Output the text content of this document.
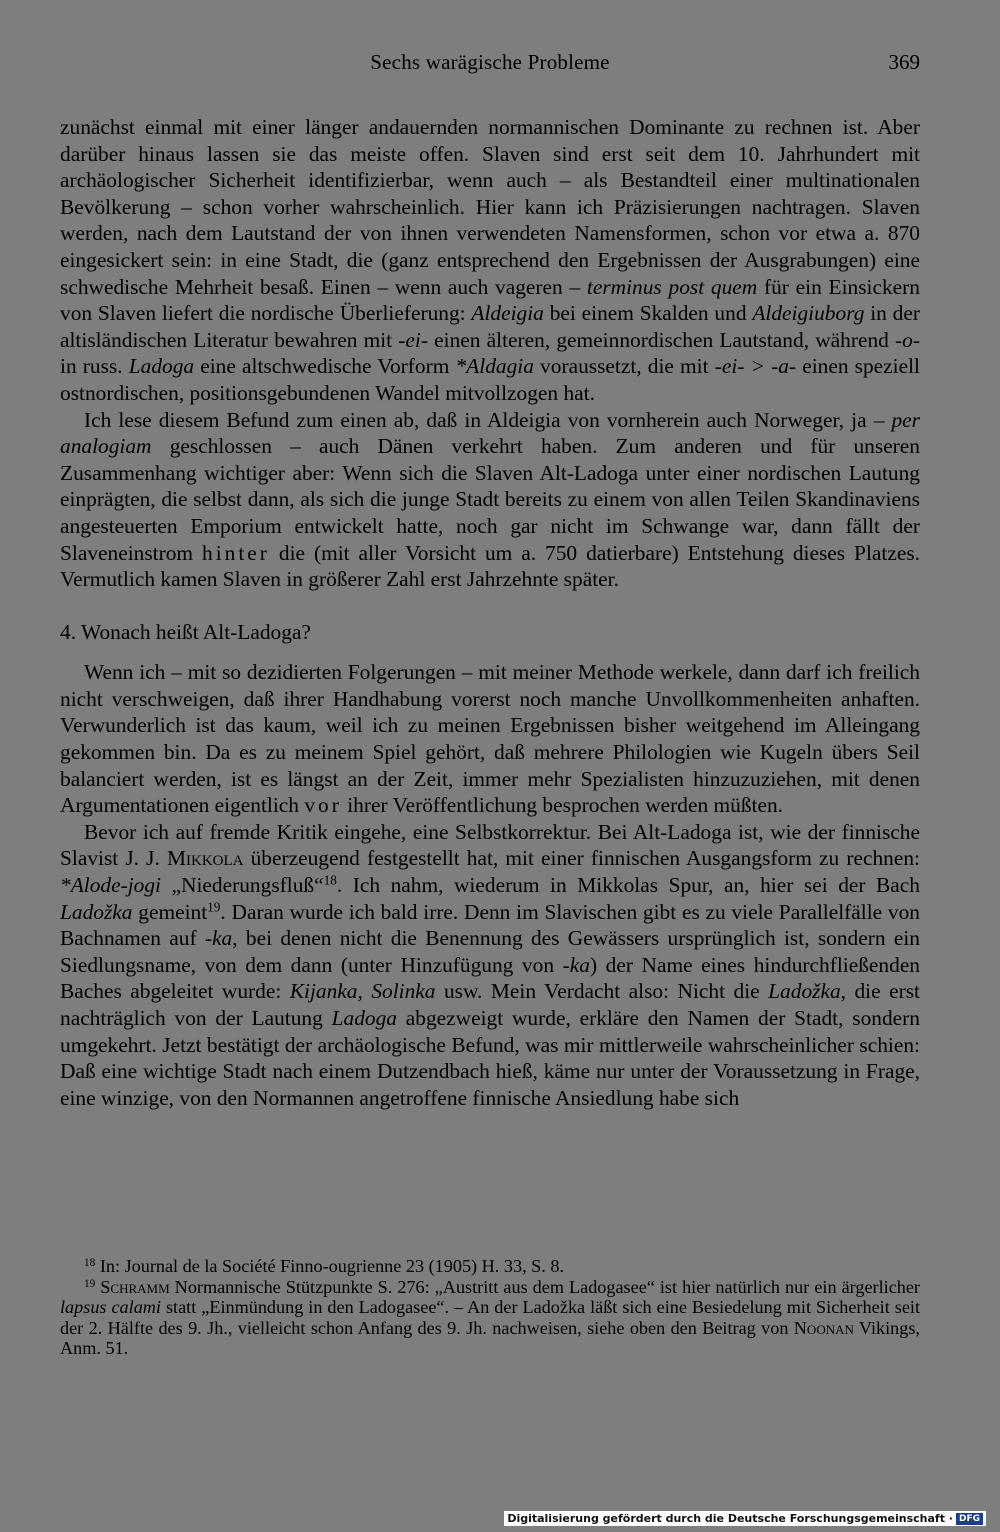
Sechs warägische Probleme	369

zunächst einmal mit einer länger andauernden normannischen Dominante zu rechnen ist. Aber darüber hinaus lassen sie das meiste offen. Slaven sind erst seit dem 10. Jahrhundert mit archäologischer Sicherheit identifizierbar, wenn auch – als Bestandteil einer multinationalen Bevölkerung – schon vorher wahrscheinlich. Hier kann ich Präzisierungen nachtragen. Slaven werden, nach dem Lautstand der von ihnen verwendeten Namensformen, schon vor etwa a. 870 eingesickert sein: in eine Stadt, die (ganz entsprechend den Ergebnissen der Ausgrabungen) eine schwedische Mehrheit besaß. Einen – wenn auch vageren – terminus post quem für ein Einsickern von Slaven liefert die nordische Überlieferung: Aldeigia bei einem Skalden und Aldeigiuborg in der altisländischen Literatur bewahren mit -ei- einen älteren, gemeinnordischen Lautstand, während -o- in russ. Ladoga eine altschwedische Vorform *Aldagia voraussetzt, die mit -ei- > -a- einen speziell ostnordischen, positionsgebundenen Wandel mitvollzogen hat.

Ich lese diesem Befund zum einen ab, daß in Aldeigia von vornherein auch Norweger, ja – per analogiam geschlossen – auch Dänen verkehrt haben. Zum anderen und für unseren Zusammenhang wichtiger aber: Wenn sich die Slaven Alt-Ladoga unter einer nordischen Lautung einprägten, die selbst dann, als sich die junge Stadt bereits zu einem von allen Teilen Skandinaviens angesteuerten Emporium entwickelt hatte, noch gar nicht im Schwange war, dann fällt der Slaveneinstrom hinter die (mit aller Vorsicht um a. 750 datierbare) Entstehung dieses Platzes. Vermutlich kamen Slaven in größerer Zahl erst Jahrzehnte später.

4. Wonach heißt Alt-Ladoga?

Wenn ich – mit so dezidierten Folgerungen – mit meiner Methode werkele, dann darf ich freilich nicht verschweigen, daß ihrer Handhabung vorerst noch manche Unvollkommenheiten anhaften. Verwunderlich ist das kaum, weil ich zu meinen Ergebnissen bisher weitgehend im Alleingang gekommen bin. Da es zu meinem Spiel gehört, daß mehrere Philologien wie Kugeln übers Seil balanciert werden, ist es längst an der Zeit, immer mehr Spezialisten hinzuzuziehen, mit denen Argumentationen eigentlich vor ihrer Veröffentlichung besprochen werden müßten.

Bevor ich auf fremde Kritik eingehe, eine Selbstkorrektur. Bei Alt-Ladoga ist, wie der finnische Slavist J. J. Mikkola überzeugend festgestellt hat, mit einer finnischen Ausgangsform zu rechnen: *Alode-jogi „Niederungsfluß“$^{18}$. Ich nahm, wiederum in Mikkolas Spur, an, hier sei der Bach Ladožka gemeint$^{19}$. Daran wurde ich bald irre. Denn im Slavischen gibt es zu viele Parallelfälle von Bachnamen auf -ka, bei denen nicht die Benennung des Gewässers ursprünglich ist, sondern ein Siedlungsname, von dem dann (unter Hinzufügung von -ka) der Name eines hindurchfließenden Baches abgeleitet wurde: Kijanka, Solinka usw. Mein Verdacht also: Nicht die Ladožka, die erst nachträglich von der Lautung Ladoga abgezweigt wurde, erkläre den Namen der Stadt, sondern umgekehrt. Jetzt bestätigt der archäologische Befund, was mir mittlerweile wahrscheinlicher schien: Daß eine wichtige Stadt nach einem Dutzendbach hieß, käme nur unter der Voraussetzung in Frage, eine winzige, von den Normannen angetroffene finnische Ansiedlung habe sich

$^{18}$ In: Journal de la Société Finno-ougrienne 23 (1905) H. 33, S. 8.

$^{19}$ Schramm Normannische Stützpunkte S. 276: „Austritt aus dem Ladogasee“ ist hier natürlich nur ein ärgerlicher lapsus calami statt „Einmündung in den Ladogasee“. – An der Ladožka läßt sich eine Besiedelung mit Sicherheit seit der 2. Hälfte des 9. Jh., vielleicht schon Anfang des 9. Jh. nachweisen, siehe oben den Beitrag von Noonan Vikings, Anm. 51.

Digitalisierung gefördert durch die Deutsche Forschungsgemeinschaft · DFG
